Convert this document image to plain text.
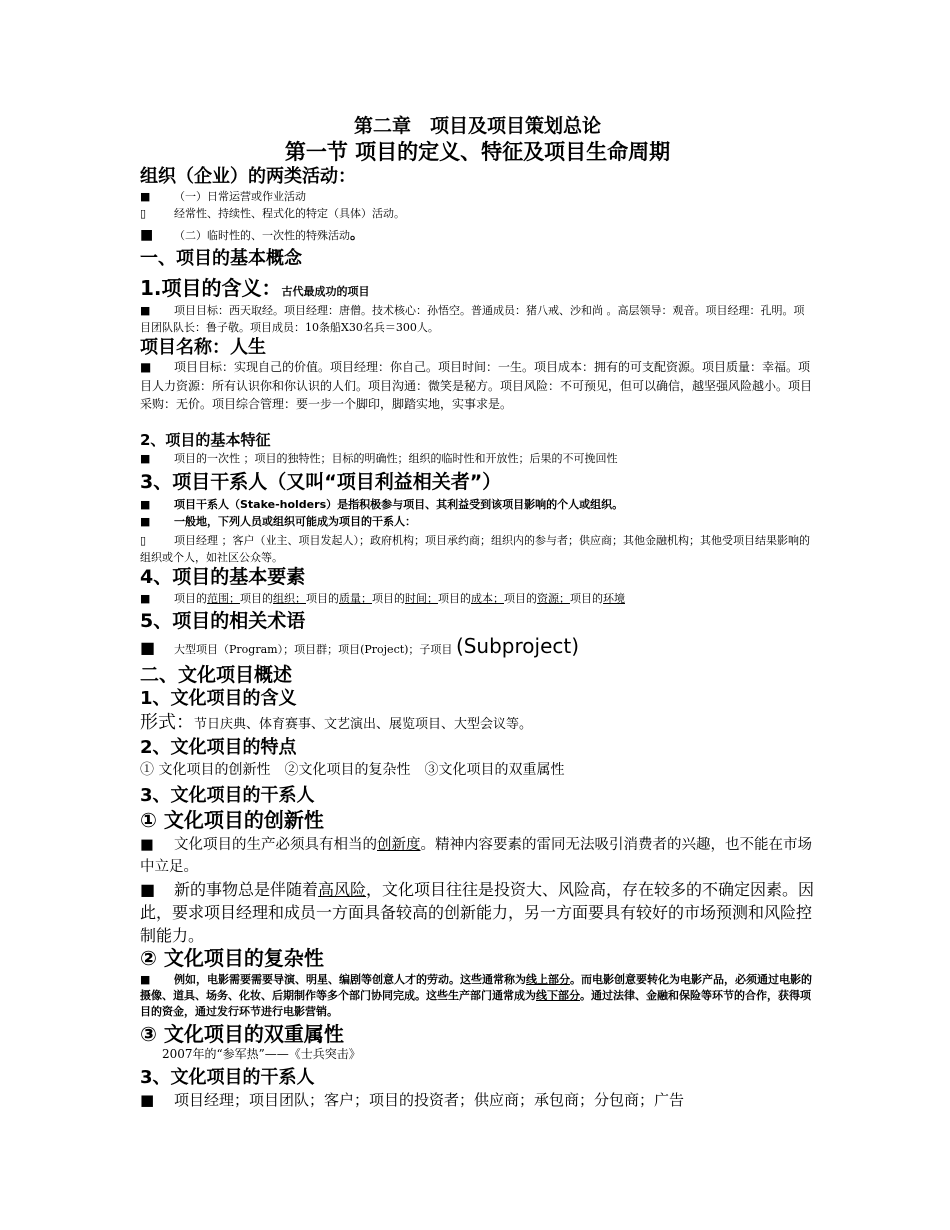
第二章　项目及项目策划总论
第一节 项目的定义、特征及项目生命周期
组织（企业）的两类活动：
■ （一）日常运营或作业活动
▯	经常性、持续性、程式化的特定（具体）活动。
■ （二）临时性的、一次性的特殊活动。
一、项目的基本概念
1.项目的含义：古代最成功的项目
■ 项目目标：西天取经。项目经理：唐僧。技术核心：孙悟空。普通成员：猪八戒、沙和尚 。高层领导：观音。项目经理：孔明。项目团队队长：鲁子敬。项目成员：10条船X30名兵＝300人。
项目名称：人生
■ 项目目标：实现自己的价值。项目经理：你自己。项目时间：一生。项目成本：拥有的可支配资源。项目质量：幸福。项目人力资源：所有认识你和你认识的人们。项目沟通：微笑是秘方。项目风险：不可预见，但可以确信，越坚强风险越小。项目采购：无价。项目综合管理：要一步一个脚印，脚踏实地，实事求是。
2、项目的基本特征
■ 项目的一次性 ；项目的独特性；目标的明确性；组织的临时性和开放性；后果的不可挽回性
3、项目干系人（又叫“项目利益相关者”）
■ 项目干系人（Stake-holders）是指积极参与项目、其利益受到该项目影响的个人或组织。
■ 一般地，下列人员或组织可能成为项目的干系人：
▯	项目经理 ；客户（业主、项目发起人）；政府机构；项目承约商；组织内的参与者；供应商；其他金融机构；其他受项目结果影响的组织或个人，如社区公众等。
4、项目的基本要素
■ 项目的范围；项目的组织；项目的质量；项目的时间；项目的成本；项目的资源；项目的环境
5、项目的相关术语
■ 大型项目（Program）；项目群；项目(Project)；子项目 (Subproject)
二、文化项目概述
1、文化项目的含义
形式：节日庆典、体育赛事、文艺演出、展览项目、大型会议等。
2、文化项目的特点
① 文化项目的创新性　②文化项目的复杂性　③文化项目的双重属性
3、文化项目的干系人
① 文化项目的创新性
■ 文化项目的生产必须具有相当的创新度。精神内容要素的雷同无法吸引消费者的兴趣，也不能在市场中立足。
■ 新的事物总是伴随着高风险，文化项目往往是投资大、风险高，存在较多的不确定因素。因此，要求项目经理和成员一方面具备较高的创新能力，另一方面要具有较好的市场预测和风险控制能力。
② 文化项目的复杂性
■ 例如，电影需要需要导演、明星、编剧等创意人才的劳动。这些通常称为线上部分。而电影创意要转化为电影产品，必须通过电影的摄像、道具、场务、化妆、后期制作等多个部门协同完成。这些生产部门通常成为线下部分。通过法律、金融和保险等环节的合作，获得项目的资金，通过发行环节进行电影营销。
③ 文化项目的双重属性
2007年的“参军热”——《士兵突击》
3、文化项目的干系人
■ 项目经理；项目团队；客户；项目的投资者；供应商；承包商；分包商；广告
